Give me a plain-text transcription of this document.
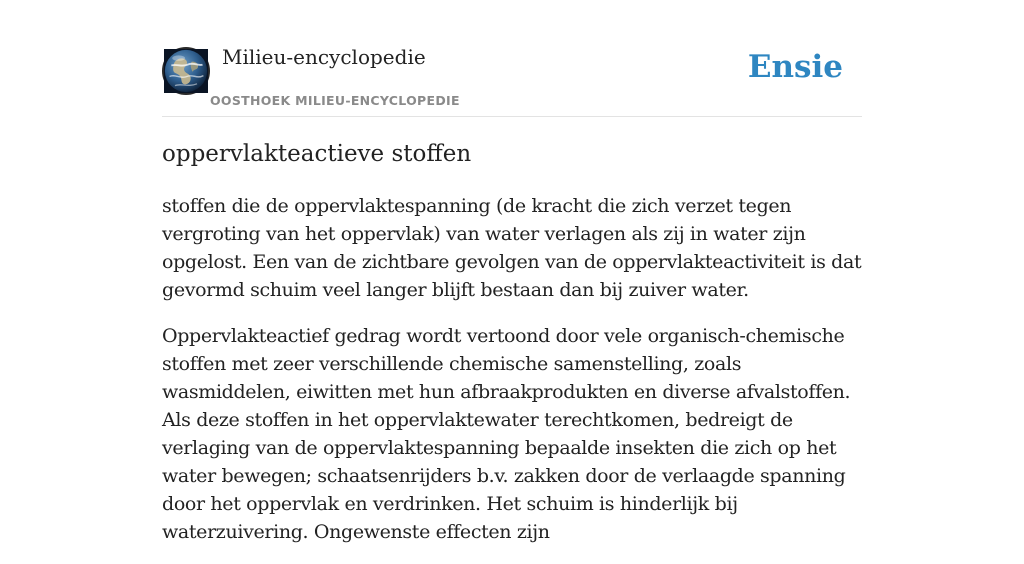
Milieu-encyclopedie
OOSTHOEK MILIEU-ENCYCLOPEDIE
Ensie
oppervlakteactieve stoffen

stoffen die de oppervlaktespanning (de kracht die zich verzet tegen vergroting van het oppervlak) van water verlagen als zij in water zijn opgelost. Een van de zichtbare gevolgen van de oppervlakteactiviteit is dat gevormd schuim veel langer blijft bestaan dan bij zuiver water.

Oppervlakteactief gedrag wordt vertoond door vele organisch-chemische stoffen met zeer verschillende chemische samenstelling, zoals wasmiddelen, eiwitten met hun afbraakprodukten en diverse afvalstoffen. Als deze stoffen in het oppervlaktewater terechtkomen, bedreigt de verlaging van de oppervlaktespanning bepaalde insekten die zich op het water bewegen; schaatsenrijders b.v. zakken door de verlaagde spanning door het oppervlak en verdrinken. Het schuim is hinderlijk bij waterzuivering. Ongewenste effecten zijn
